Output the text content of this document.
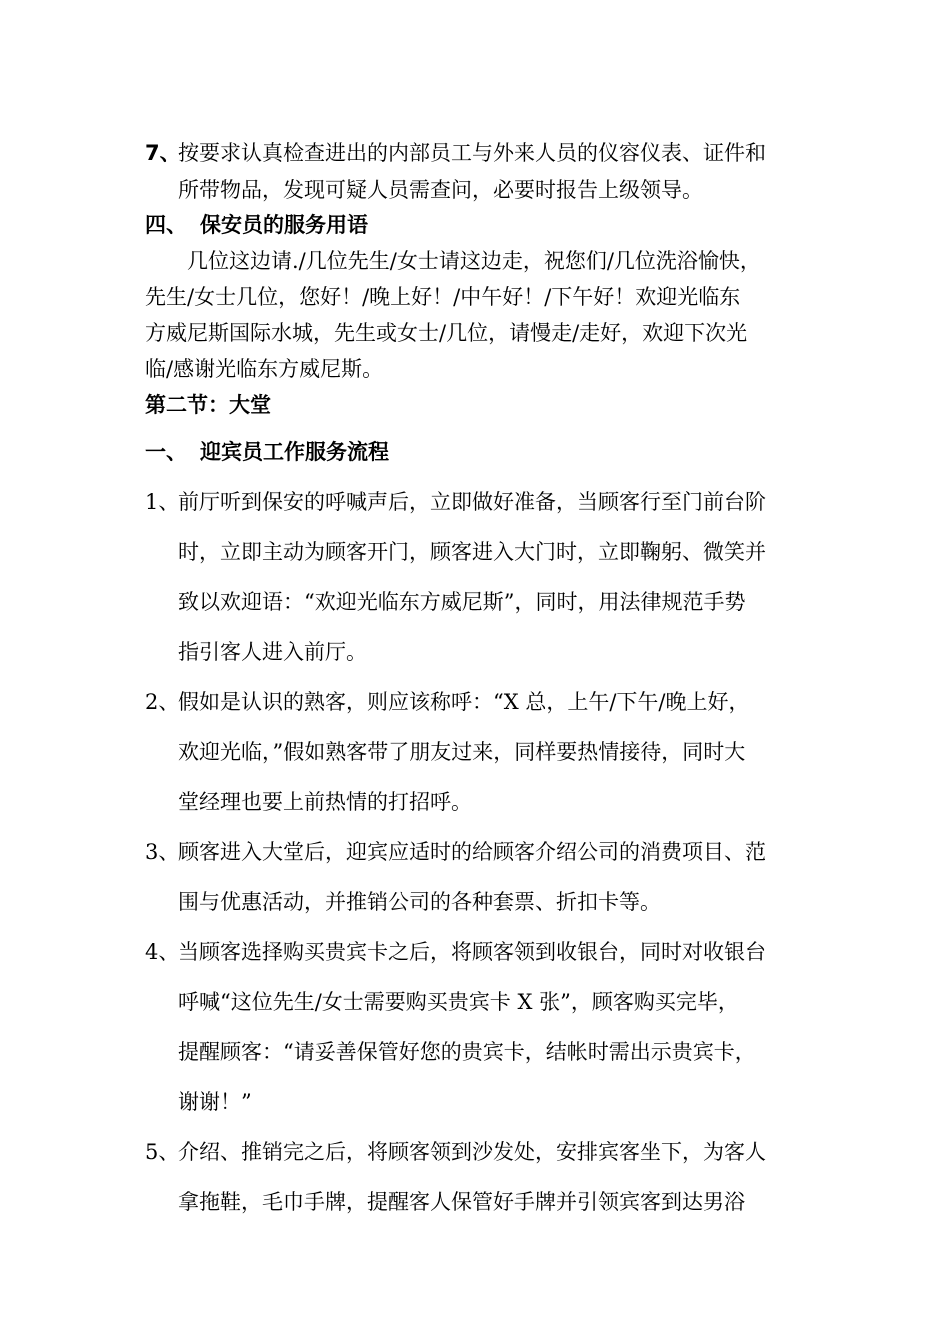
7、
按要求认真检查进出的内部员工与外来人员的仪容仪表、证件和
所带物品，发现可疑人员需查问，必要时报告上级领导。
四、 保安员的服务用语
几位这边请./几位先生/女士请这边走，祝您们/几位洗浴愉快，
先生/女士几位，您好！/晚上好！/中午好！/下午好！欢迎光临东
方威尼斯国际水城，先生或女士/几位，请慢走/走好，欢迎下次光
临/感谢光临东方威尼斯。
第二节：大堂
一、 迎宾员工作服务流程
1、
前厅听到保安的呼喊声后，立即做好准备，当顾客行至门前台阶
时，立即主动为顾客开门，顾客进入大门时，立即鞠躬、微笑并
致以欢迎语：“欢迎光临东方威尼斯”，同时，用法律规范手势
指引客人进入前厅。
2、
假如是认识的熟客，则应该称呼：“X 总，上午/下午/晚上好，
欢迎光临，”假如熟客带了朋友过来，同样要热情接待，同时大
堂经理也要上前热情的打招呼。
3、
顾客进入大堂后，迎宾应适时的给顾客介绍公司的消费项目、范
围与优惠活动，并推销公司的各种套票、折扣卡等。
4、
当顾客选择购买贵宾卡之后，将顾客领到收银台，同时对收银台
呼喊“这位先生/女士需要购买贵宾卡 X 张”，顾客购买完毕，
提醒顾客：“请妥善保管好您的贵宾卡，结帐时需出示贵宾卡，
谢谢！”
5、
介绍、推销完之后，将顾客领到沙发处，安排宾客坐下，为客人
拿拖鞋，毛巾手牌，提醒客人保管好手牌并引领宾客到达男浴
